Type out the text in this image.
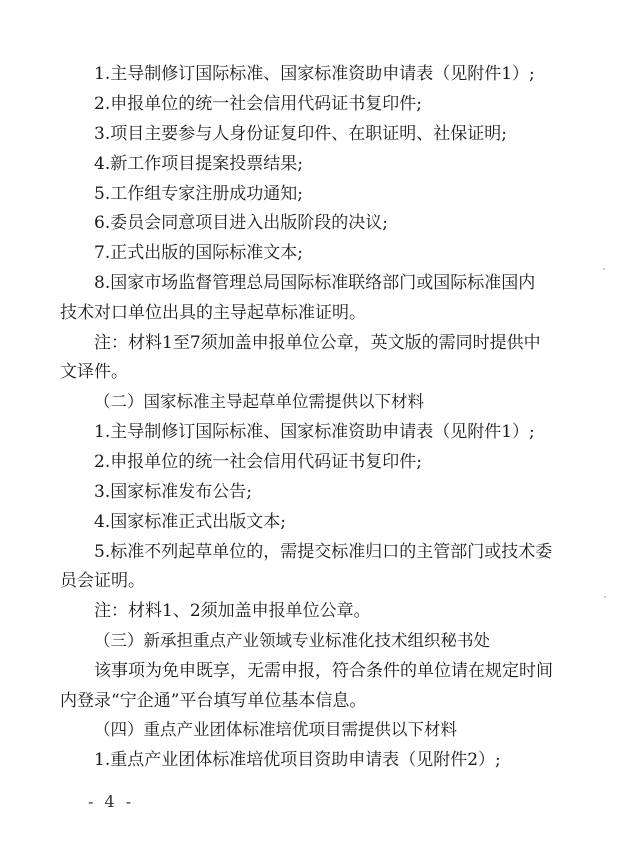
1.主导制修订国际标准、国家标准资助申请表（见附件1）;
2.申报单位的统一社会信用代码证书复印件;
3.项目主要参与人身份证复印件、在职证明、社保证明;
4.新工作项目提案投票结果;
5.工作组专家注册成功通知;
6.委员会同意项目进入出版阶段的决议;
7.正式出版的国际标准文本;
8.国家市场监督管理总局国际标准联络部门或国际标准国内
技术对口单位出具的主导起草标准证明。
注：材料1至7须加盖申报单位公章，英文版的需同时提供中
文译件。
（二）国家标准主导起草单位需提供以下材料
1.主导制修订国际标准、国家标准资助申请表（见附件1）;
2.申报单位的统一社会信用代码证书复印件;
3.国家标准发布公告;
4.国家标准正式出版文本;
5.标准不列起草单位的，需提交标准归口的主管部门或技术委
员会证明。
注：材料1、2须加盖申报单位公章。
（三）新承担重点产业领域专业标准化技术组织秘书处
该事项为免申既享，无需申报，符合条件的单位请在规定时间
内登录“宁企通”平台填写单位基本信息。
（四）重点产业团体标准培优项目需提供以下材料
1.重点产业团体标准培优项目资助申请表（见附件2）;
- 4 -
